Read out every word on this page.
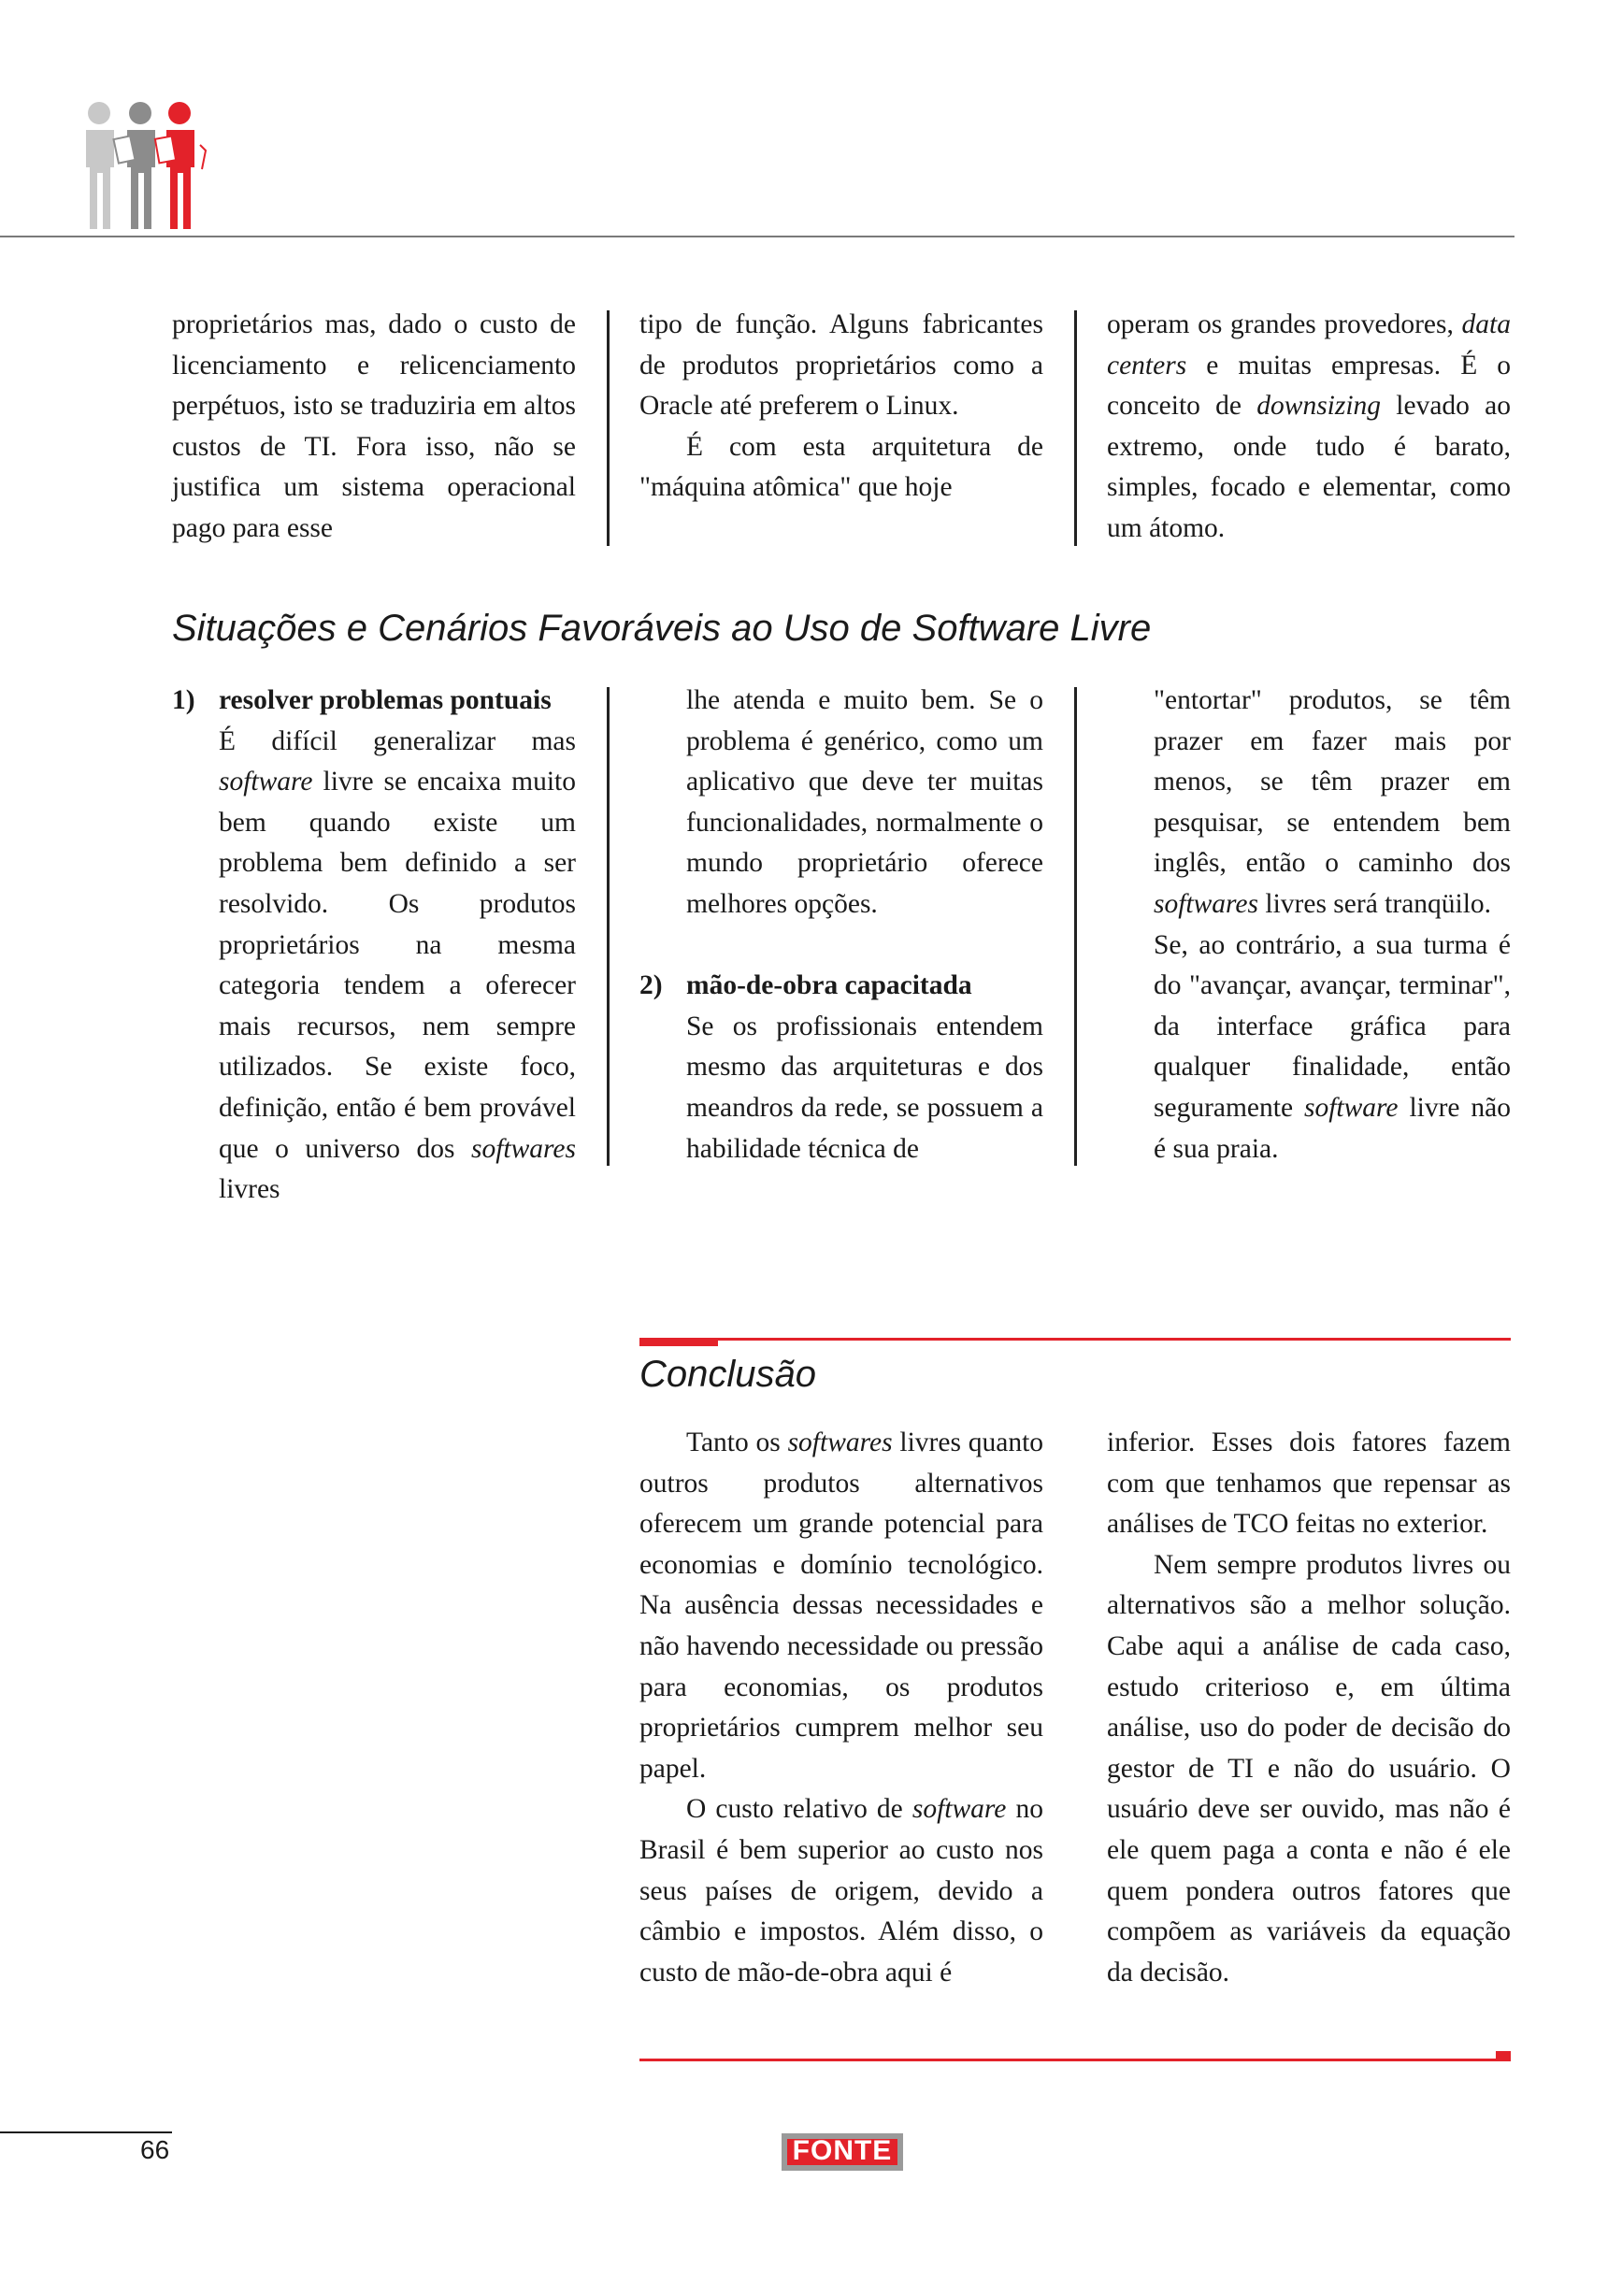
proprietários mas, dado o custo de licenciamento e relicenciamento perpétuos, isto se traduziria em altos custos de TI. Fora isso, não se justifica um sistema operacional pago para esse

tipo de função. Alguns fabricantes de produtos proprietários como a Oracle até preferem o Linux.

É com esta arquitetura de "máquina atômica" que hoje

operam os grandes provedores, data centers e muitas empresas. É o conceito de downsizing levado ao extremo, onde tudo é barato, simples, focado e elementar, como um átomo.

Situações e Cenários Favoráveis ao Uso de Software Livre
1) resolver problemas pontuais
É difícil generalizar mas software livre se encaixa muito bem quando existe um problema bem definido a ser resolvido. Os produtos proprietários na mesma categoria tendem a oferecer mais recursos, nem sempre utilizados. Se existe foco, definição, então é bem provável que o universo dos softwares livres

lhe atenda e muito bem. Se o problema é genérico, como um aplicativo que deve ter muitas funcionalidades, normalmente o mundo proprietário oferece melhores opções.

2) mão-de-obra capacitada
Se os profissionais entendem mesmo das arquiteturas e dos meandros da rede, se possuem a habilidade técnica de

"entortar" produtos, se têm prazer em fazer mais por menos, se têm prazer em pesquisar, se entendem bem inglês, então o caminho dos softwares livres será tranqüilo.

Se, ao contrário, a sua turma é do "avançar, avançar, terminar", da interface gráfica para qualquer finalidade, então seguramente software livre não é sua praia.

Conclusão

Tanto os softwares livres quanto outros produtos alternativos oferecem um grande potencial para economias e domínio tecnológico. Na ausência dessas necessidades e não havendo necessidade ou pressão para economias, os produtos proprietários cumprem melhor seu papel.

O custo relativo de software no Brasil é bem superior ao custo nos seus países de origem, devido a câmbio e impostos. Além disso, o custo de mão-de-obra aqui é

inferior. Esses dois fatores fazem com que tenhamos que repensar as análises de TCO feitas no exterior.

Nem sempre produtos livres ou alternativos são a melhor solução. Cabe aqui a análise de cada caso, estudo criterioso e, em última análise, uso do poder de decisão do gestor de TI e não do usuário. O usuário deve ser ouvido, mas não é ele quem paga a conta e não é ele quem pondera outros fatores que compõem as variáveis da equação da decisão.

66	FONTE
